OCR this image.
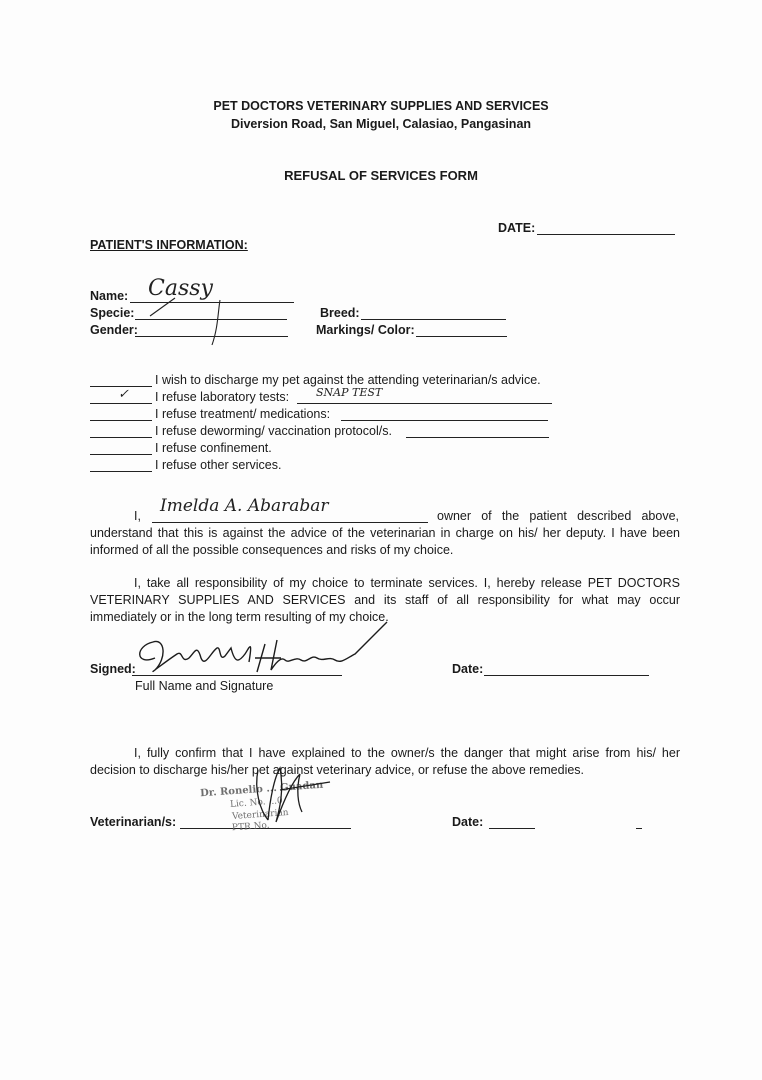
PET DOCTORS VETERINARY SUPPLIES AND SERVICES
Diversion Road, San Miguel, Calasiao, Pangasinan
REFUSAL OF SERVICES FORM
DATE:
PATIENT'S INFORMATION:
Name: Cassy
Specie:
Gender:
Breed:
Markings/ Color:
I wish to discharge my pet against the attending veterinarian/s advice.
✓ I refuse laboratory tests: SNAP TEST
I refuse treatment/ medications:
I refuse deworming/ vaccination protocol/s.
I refuse confinement.
I refuse other services.
I, Imelda A. Abarabar	owner of the patient described above,
understand that this is against the advice of the veterinarian in charge on his/ her deputy. I have been informed of all the possible consequences and risks of my choice.
I, take all responsibility of my choice to terminate services. I, hereby release PET DOCTORS VETERINARY SUPPLIES AND SERVICES and its staff of all responsibility for what may occur immediately or in the long term resulting of my choice.
Signed:
Full Name and Signature
Date:
I, fully confirm that I have explained to the owner/s the danger that might arise from his/ her decision to discharge his/her pet against veterinary advice, or refuse the above remedies.
Veterinarian/s:
Dr. Ronelio ... Guadan
Lic. No. ...0
Veterinarian
PTR No.	Date:
